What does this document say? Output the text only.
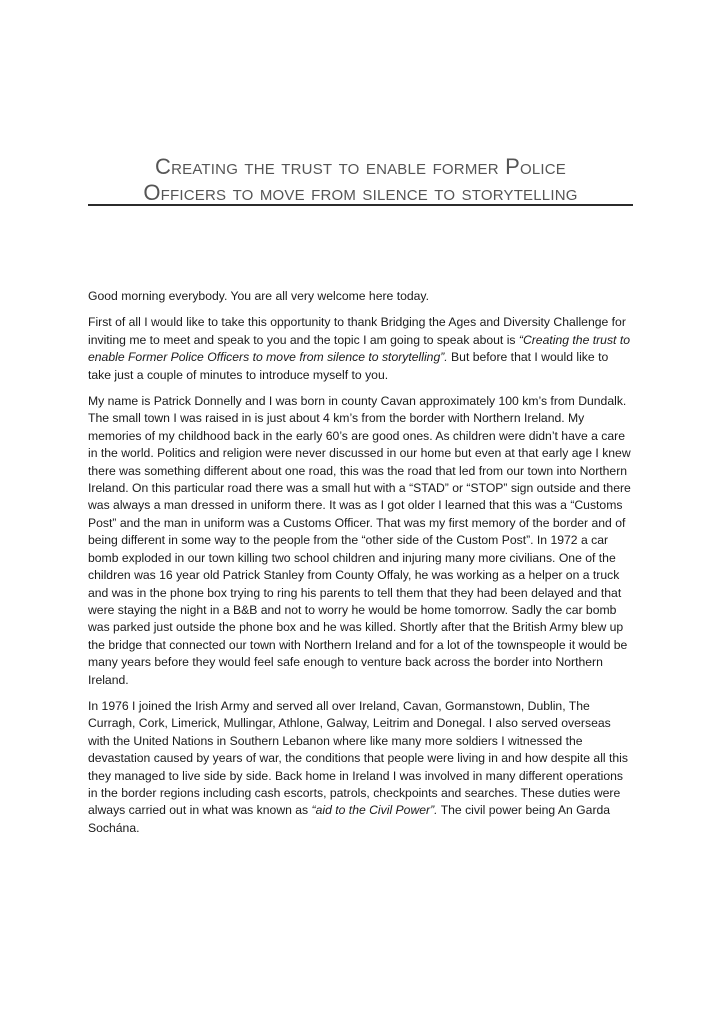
Creating the trust to enable former Police
Officers to move from silence to storytelling

Good morning everybody. You are all very welcome here today.

First of all I would like to take this opportunity to thank Bridging the Ages and Diversity Challenge for inviting me to meet and speak to you and the topic I am going to speak about is “Creating the trust to enable Former Police Officers to move from silence to storytelling”. But before that I would like to take just a couple of minutes to introduce myself to you.

My name is Patrick Donnelly and I was born in county Cavan approximately 100 km’s from Dundalk. The small town I was raised in is just about 4 km’s from the border with Northern Ireland. My memories of my childhood back in the early 60’s are good ones. As children were didn’t have a care in the world. Politics and religion were never discussed in our home but even at that early age I knew there was something different about one road, this was the road that led from our town into Northern Ireland. On this particular road there was a small hut with a “STAD” or “STOP” sign outside and there was always a man dressed in uniform there. It was as I got older I learned that this was a “Customs Post” and the man in uniform was a Customs Officer. That was my first memory of the border and of being different in some way to the people from the “other side of the Custom Post”. In 1972 a car bomb exploded in our town killing two school children and injuring many more civilians. One of the children was 16 year old Patrick Stanley from County Offaly, he was working as a helper on a truck and was in the phone box trying to ring his parents to tell them that they had been delayed and that were staying the night in a B&B and not to worry he would be home tomorrow. Sadly the car bomb was parked just outside the phone box and he was killed. Shortly after that the British Army blew up the bridge that connected our town with Northern Ireland and for a lot of the townspeople it would be many years before they would feel safe enough to venture back across the border into Northern Ireland.

In 1976 I joined the Irish Army and served all over Ireland, Cavan, Gormanstown, Dublin, The Curragh, Cork, Limerick, Mullingar, Athlone, Galway, Leitrim and Donegal. I also served overseas with the United Nations in Southern Lebanon where like many more soldiers I witnessed the devastation caused by years of war, the conditions that people were living in and how despite all this they managed to live side by side. Back home in Ireland I was involved in many different operations in the border regions including cash escorts, patrols, checkpoints and searches. These duties were always carried out in what was known as “aid to the Civil Power”. The civil power being An Garda Sochána.
